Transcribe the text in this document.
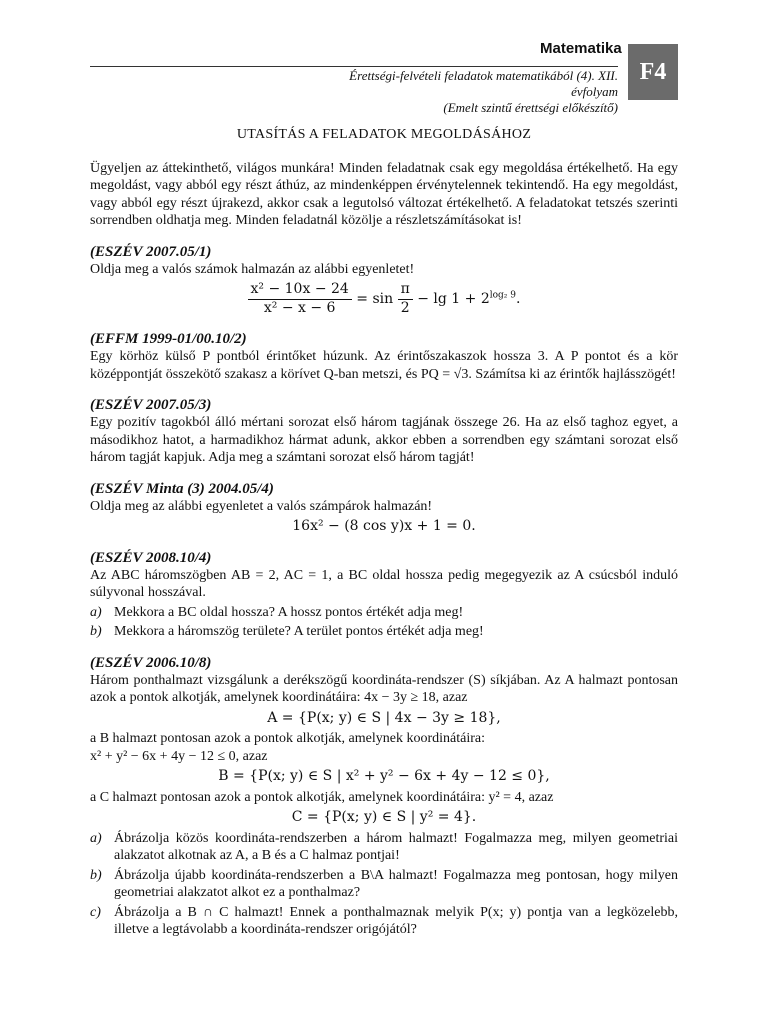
Matematika
Érettségi-felvételi feladatok matematikából (4). XII. évfolyam
(Emelt szintű érettségi előkészítő)
F4
UTASÍTÁS A FELADATOK MEGOLDÁSÁHOZ

Ügyeljen az áttekinthető, világos munkára! Minden feladatnak csak egy megoldása értékelhető. Ha egy megoldást, vagy abból egy részt áthúz, az mindenképpen érvénytelennek tekintendő. Ha egy megoldást, vagy abból egy részt újrakezd, akkor csak a legutolsó változat értékelhető. A feladatokat tetszés szerinti sorrendben oldhatja meg. Minden feladatnál közölje a részletszámításokat is!

(ESZÉV 2007.05/1)

Oldja meg a valós számok halmazán az alábbi egyenletet!

$\frac{\text{x² − 10x − 24}}{\text{x² − x − 6}} = \sin \frac{\pi}{2} - \lg 1 + 2^{log_2 9}$.
(EFFM 1999-01/00.10/2)

Egy körhöz külső P pontból érintőket húzunk. Az érintőszakaszok hossza 3. A P pontot és a kör középpontját összekötő szakasz a körívet Q-ban metszi, és PQ = √3. Számítsa ki az érintők hajlásszögét!

(ESZÉV 2007.05/3)

Egy pozitív tagokból álló mértani sorozat első három tagjának összege 26. Ha az első taghoz egyet, a másodikhoz hatot, a harmadikhoz hármat adunk, akkor ebben a sorrendben egy számtani sorozat első három tagját kapjuk. Adja meg a számtani sorozat első három tagját!

(ESZÉV Minta (3) 2004.05/4)

Oldja meg az alábbi egyenletet a valós számpárok halmazán!

16x² − (8 cos y)x + 1 = 0.
(ESZÉV 2008.10/4)

Az ABC háromszögben AB = 2, AC = 1, a BC oldal hossza pedig megegyezik az A csúcsból induló súlyvonal hosszával.

a) Mekkora a BC oldal hossza? A hossz pontos értékét adja meg!
b) Mekkora a háromszög területe? A terület pontos értékét adja meg!
(ESZÉV 2006.10/8)

Három ponthalmazt vizsgálunk a derékszögű koordináta-rendszer (S) síkjában. Az A halmazt pontosan azok a pontok alkotják, amelynek koordinátáira: 4x − 3y ≥ 18, azaz

A = {P(x; y) ∈ S | 4x − 3y ≥ 18},

a B halmazt pontosan azok a pontok alkotják, amelynek koordinátáira:

x² + y² − 6x + 4y − 12 ≤ 0, azaz

B = {P(x; y) ∈ S | x² + y² − 6x + 4y − 12 ≤ 0},

a C halmazt pontosan azok a pontok alkotják, amelynek koordinátáira: y² = 4, azaz

C = {P(x; y) ∈ S | y² = 4}.
a) Ábrázolja közös koordináta-rendszerben a három halmazt! Fogalmazza meg, milyen geometriai alakzatot alkotnak az A, a B és a C halmaz pontjai!
b) Ábrázolja újabb koordináta-rendszerben a B\A halmazt! Fogalmazza meg pontosan, hogy milyen geometriai alakzatot alkot ez a ponthalmaz?
c) Ábrázolja a B ∩ C halmazt! Ennek a ponthalmaznak melyik P(x; y) pontja van a legközelebb, illetve a legtávolabb a koordináta-rendszer origójától?
